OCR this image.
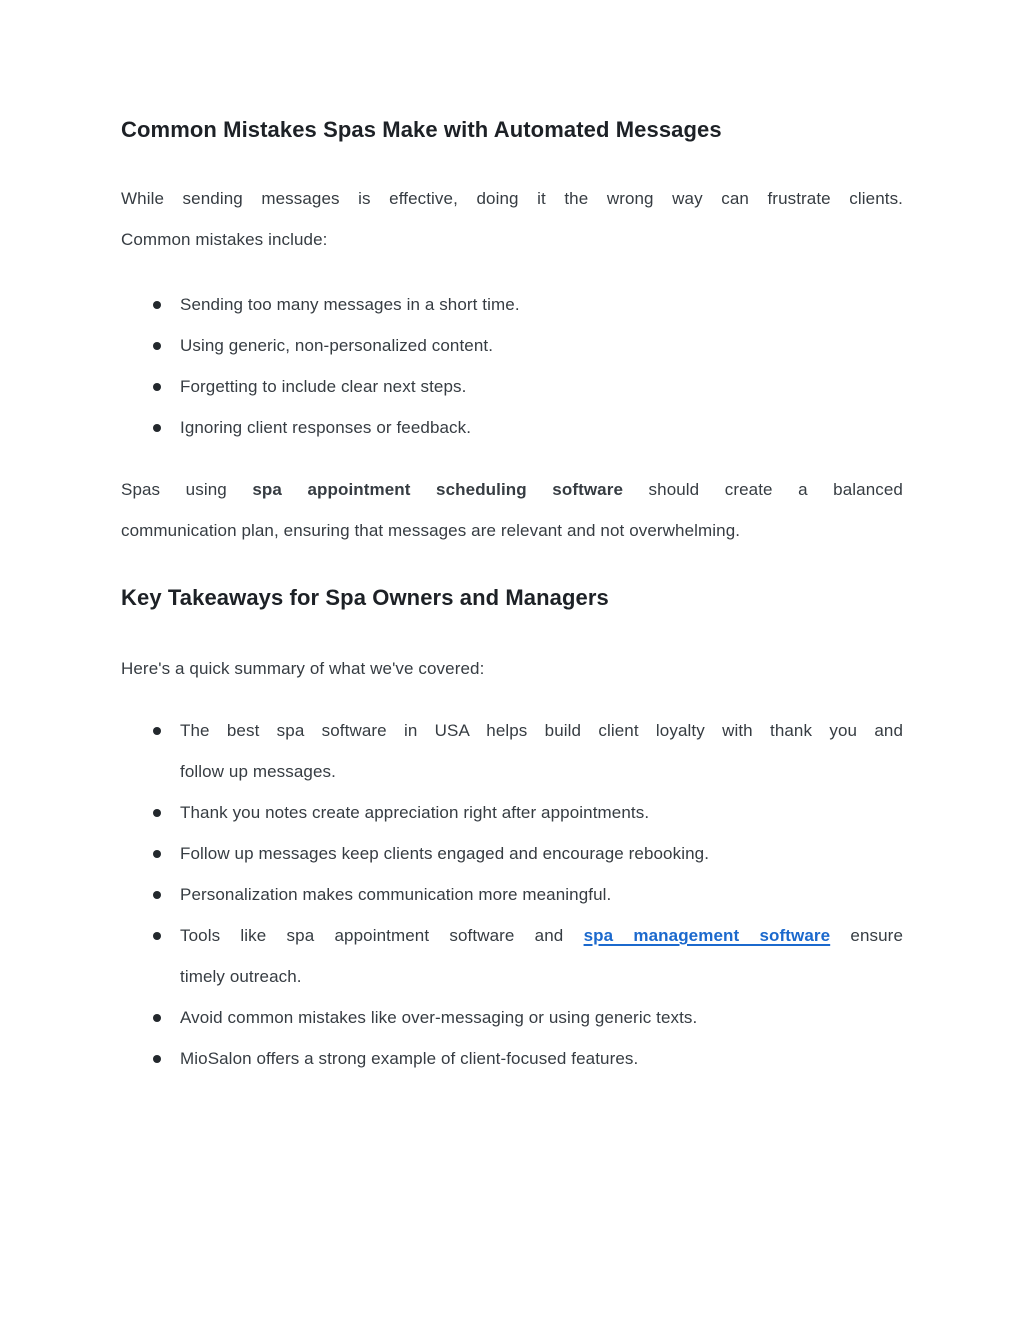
Common Mistakes Spas Make with Automated Messages
While sending messages is effective, doing it the wrong way can frustrate clients.
Common mistakes include:
Sending too many messages in a short time.
Using generic, non-personalized content.
Forgetting to include clear next steps.
Ignoring client responses or feedback.
Spas using spa appointment scheduling software should create a balanced
communication plan, ensuring that messages are relevant and not overwhelming.
Key Takeaways for Spa Owners and Managers
Here's a quick summary of what we've covered:
The best spa software in USA helps build client loyalty with thank you and
follow up messages.
Thank you notes create appreciation right after appointments.
Follow up messages keep clients engaged and encourage rebooking.
Personalization makes communication more meaningful.
Tools like spa appointment software and spa management software ensure
timely outreach.
Avoid common mistakes like over-messaging or using generic texts.
MioSalon offers a strong example of client-focused features.
